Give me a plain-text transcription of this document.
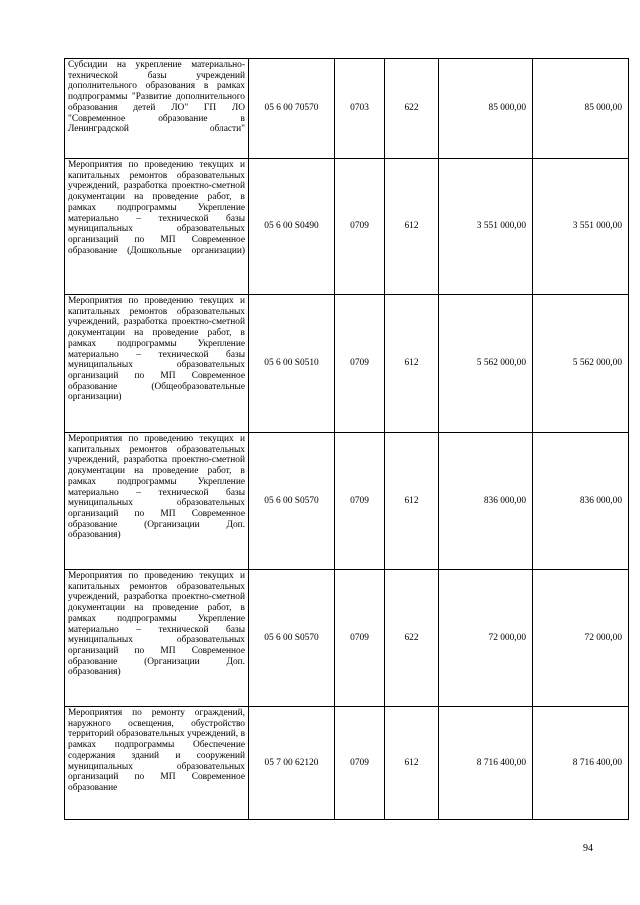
Субсидии на укрепление материально-технической базы учреждений дополнительного образования в рамках подпрограммы "Развитие дополнительного образования детей ЛО" ГП ЛО "Современное образование в Ленинградской области"	05 6 00 70570	0703	622	85 000,00	85 000,00
Мероприятия по проведению текущих и капитальных ремонтов образовательных учреждений, разработка проектно-сметной документации на проведение работ, в рамках подпрограммы Укрепление материально – технической базы муниципальных образовательных организаций по МП Современное образование (Дошкольные организации)	05 6 00 S0490	0709	612	3 551 000,00	3 551 000,00
Мероприятия по проведению текущих и капитальных ремонтов образовательных учреждений, разработка проектно-сметной документации на проведение работ, в рамках подпрограммы Укрепление материально – технической базы муниципальных образовательных организаций по МП Современное образование (Общеобразовательные организации)	05 6 00 S0510	0709	612	5 562 000,00	5 562 000,00
Мероприятия по проведению текущих и капитальных ремонтов образовательных учреждений, разработка проектно-сметной документации на проведение работ, в рамках подпрограммы Укрепление материально – технической базы муниципальных образовательных организаций по МП Современное образование (Организации Доп. образования)	05 6 00 S0570	0709	612	836 000,00	836 000,00
Мероприятия по проведению текущих и капитальных ремонтов образовательных учреждений, разработка проектно-сметной документации на проведение работ, в рамках подпрограммы Укрепление материально – технической базы муниципальных образовательных организаций по МП Современное образование (Организации Доп. образования)	05 6 00 S0570	0709	622	72 000,00	72 000,00
Мероприятия по ремонту ограждений, наружного освещения, обустройство территорий образовательных учреждений, в рамках подпрограммы Обеспечение содержания зданий и сооружений муниципальных образовательных организаций по МП Современное образование	05 7 00 62120	0709	612	8 716 400,00	8 716 400,00
94
